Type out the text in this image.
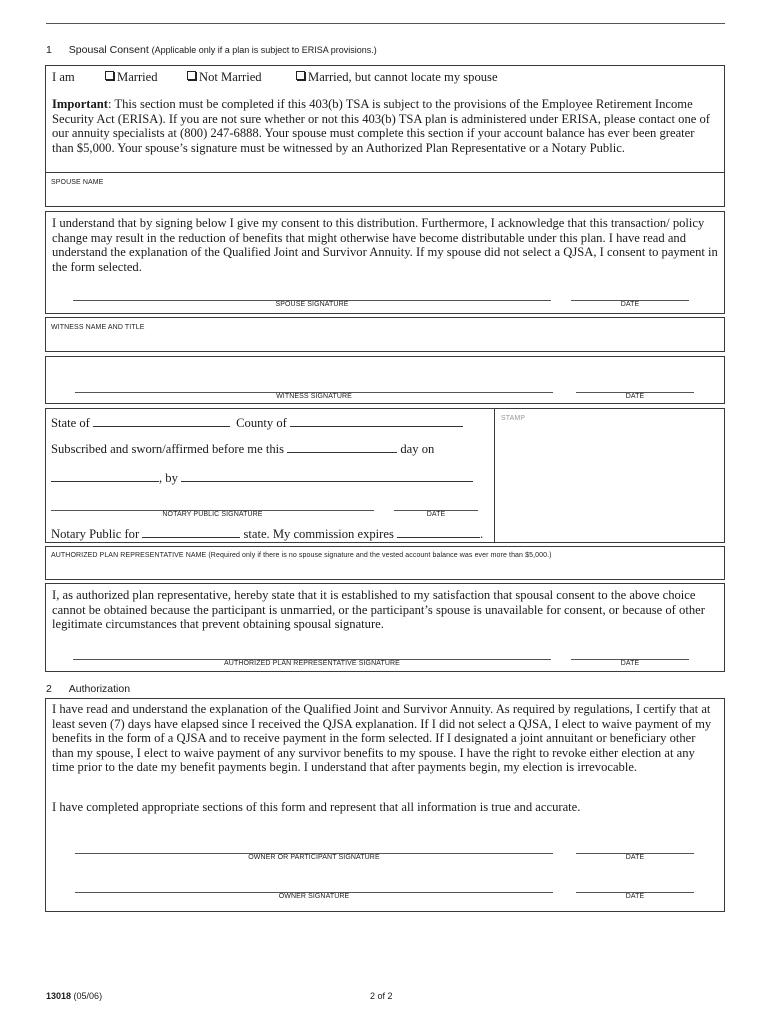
1 Spousal Consent (Applicable only if a plan is subject to ERISA provisions.)
I am	Married	Not Married	Married, but cannot locate my spouse
Important: This section must be completed if this 403(b) TSA is subject to the provisions of the Employee Retirement Income Security Act (ERISA). If you are not sure whether or not this 403(b) TSA plan is administered under ERISA, please contact one of our annuity specialists at (800) 247-6888. Your spouse must complete this section if your account balance has ever been greater than $5,000. Your spouse’s signature must be witnessed by an Authorized Plan Representative or a Notary Public.
SPOUSE NAME
I understand that by signing below I give my consent to this distribution. Furthermore, I acknowledge that this transaction/ policy change may result in the reduction of benefits that might otherwise have become distributable under this plan. I have read and understand the explanation of the Qualified Joint and Survivor Annuity. If my spouse did not select a QJSA, I consent to payment in the form selected.
SPOUSE SIGNATURE	DATE
WITNESS NAME AND TITLE
WITNESS SIGNATURE	DATE
State of	County of
Subscribed and sworn/affirmed before me this	day on
, by
NOTARY PUBLIC SIGNATURE	DATE
Notary Public for	state. My commission expires	.
STAMP
AUTHORIZED PLAN REPRESENTATIVE NAME (Required only if there is no spouse signature and the vested account balance was ever more than $5,000.)
I, as authorized plan representative, hereby state that it is established to my satisfaction that spousal consent to the above choice cannot be obtained because the participant is unmarried, or the participant’s spouse is unavailable for consent, or because of other legitimate circumstances that prevent obtaining spousal signature.
AUTHORIZED PLAN REPRESENTATIVE SIGNATURE	DATE
2 Authorization
I have read and understand the explanation of the Qualified Joint and Survivor Annuity. As required by regulations, I certify that at least seven (7) days have elapsed since I received the QJSA explanation. If I did not select a QJSA, I elect to waive payment of my benefits in the form of a QJSA and to receive payment in the form selected. If I designated a joint annuitant or beneficiary other than my spouse, I elect to waive payment of any survivor benefits to my spouse. I have the right to revoke either election at any time prior to the date my benefit payments begin. I understand that after payments begin, my election is irrevocable.
I have completed appropriate sections of this form and represent that all information is true and accurate.
OWNER OR PARTICIPANT SIGNATURE	DATE
OWNER SIGNATURE	DATE
13018 (05/06)	2 of 2
